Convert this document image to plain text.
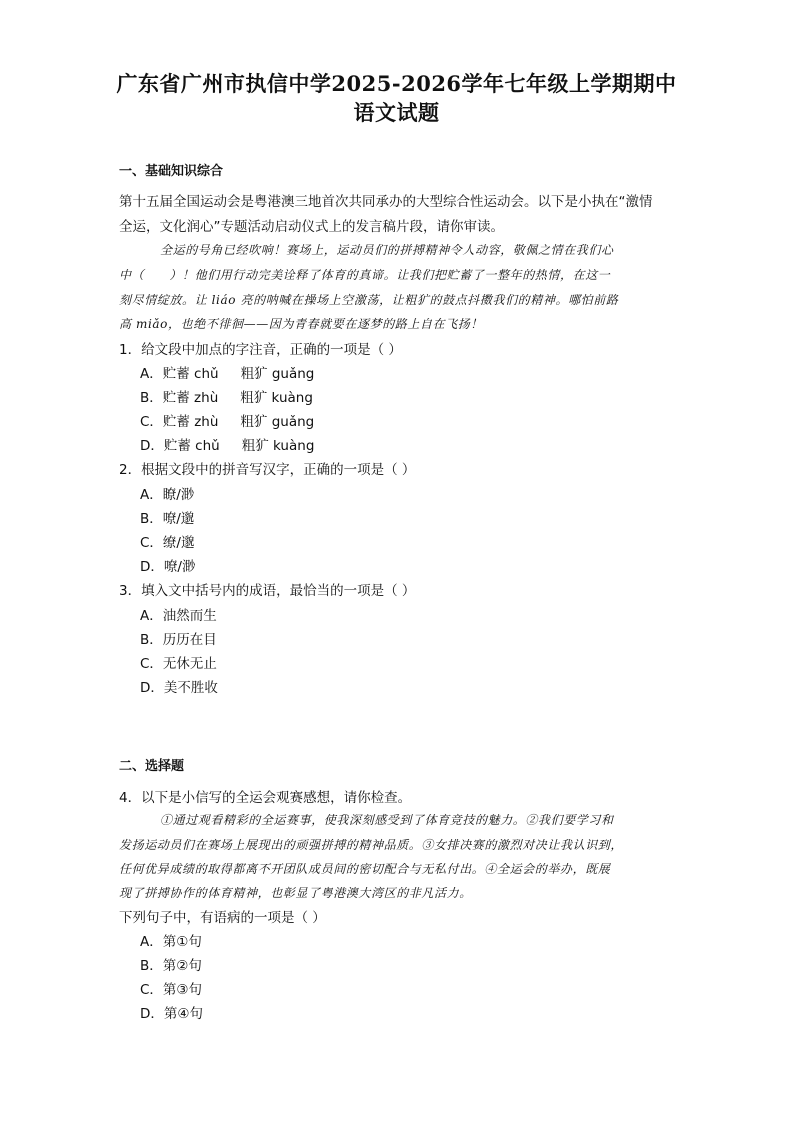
广东省广州市执信中学2025-2026学年七年级上学期期中
语文试题
一、基础知识综合
第十五届全国运动会是粤港澳三地首次共同承办的大型综合性运动会。以下是小执在“激情
全运，文化润心”专题活动启动仪式上的发言稿片段，请你审读。
全运的号角已经吹响！赛场上，运动员们的拼搏精神令人动容，敬佩之情在我们心
中（　　）！他们用行动完美诠释了体育的真谛。让我们把贮蓄了一整年的热情，在这一
刻尽情绽放。让 liáo 亮的呐喊在操场上空激荡，让粗犷的鼓点抖擞我们的精神。哪怕前路
高 miǎo，也绝不徘徊——因为青春就要在逐梦的路上自在飞扬！
1．给文段中加点的字注音，正确的一项是（ ）
A．贮蓄 chǔ 粗犷 guǎng
B．贮蓄 zhù 粗犷 kuàng
C．贮蓄 zhù 粗犷 guǎng
D．贮蓄 chǔ 粗犷 kuàng
2．根据文段中的拼音写汉字，正确的一项是（ ）
A．瞭/渺
B．嘹/邈
C．缭/邈
D．嘹/渺
3．填入文中括号内的成语，最恰当的一项是（ ）
A．油然而生
B．历历在目
C．无休无止
D．美不胜收
二、选择题
4．以下是小信写的全运会观赛感想，请你检查。
①通过观看精彩的全运赛事，使我深刻感受到了体育竞技的魅力。②我们要学习和
发扬运动员们在赛场上展现出的顽强拼搏的精神品质。③女排决赛的激烈对决让我认识到，
任何优异成绩的取得都离不开团队成员间的密切配合与无私付出。④全运会的举办，既展
现了拼搏协作的体育精神，也彰显了粤港澳大湾区的非凡活力。
下列句子中，有语病的一项是（ ）
A．第①句
B．第②句
C．第③句
D．第④句
